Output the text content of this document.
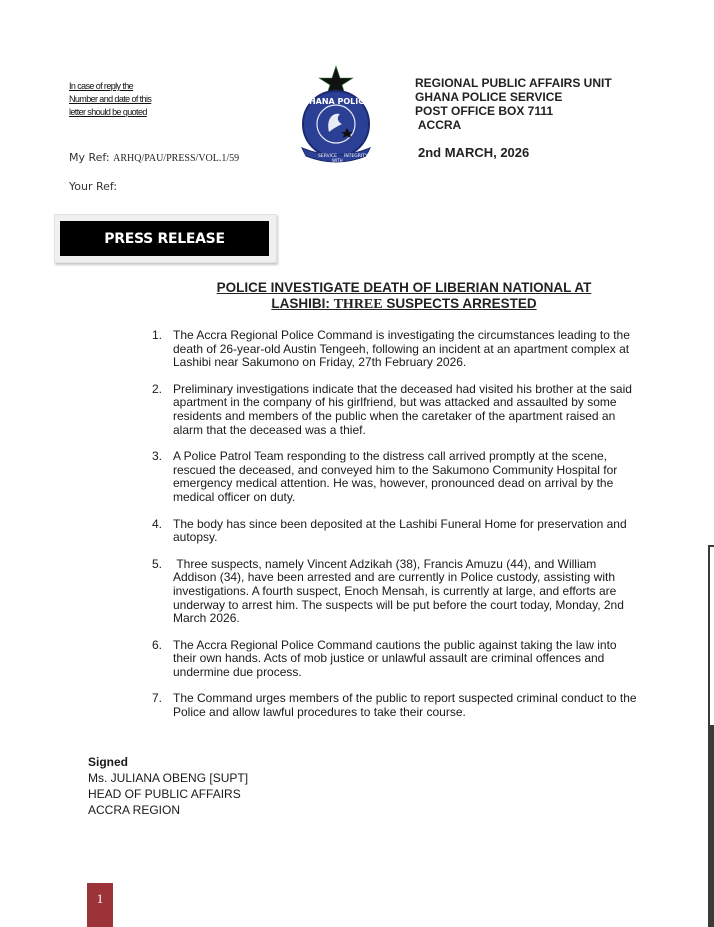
In case of reply the
Number and date of this
letter should be quoted
My Ref: ARHQ/PAU/PRESS/VOL.1/59
Your Ref:
GHANA POLICE
SERVICE
WITH
INTEGRITY
REGIONAL PUBLIC AFFAIRS UNIT
GHANA POLICE SERVICE
POST OFFICE BOX 7111
ACCRA
2nd MARCH, 2026
PRESS RELEASE
POLICE INVESTIGATE DEATH OF LIBERIAN NATIONAL AT
LASHIBI: THREE SUSPECTS ARRESTED
1. The Accra Regional Police Command is investigating the circumstances leading to the death of 26-year-old Austin Tengeeh, following an incident at an apartment complex at Lashibi near Sakumono on Friday, 27th February 2026.
2. Preliminary investigations indicate that the deceased had visited his brother at the said apartment in the company of his girlfriend, but was attacked and assaulted by some residents and members of the public when the caretaker of the apartment raised an alarm that the deceased was a thief.
3. A Police Patrol Team responding to the distress call arrived promptly at the scene, rescued the deceased, and conveyed him to the Sakumono Community Hospital for emergency medical attention. He was, however, pronounced dead on arrival by the medical officer on duty.
4. The body has since been deposited at the Lashibi Funeral Home for preservation and autopsy.
5. Three suspects, namely Vincent Adzikah (38), Francis Amuzu (44), and William Addison (34), have been arrested and are currently in Police custody, assisting with investigations. A fourth suspect, Enoch Mensah, is currently at large, and efforts are underway to arrest him. The suspects will be put before the court today, Monday, 2nd March 2026.
6. The Accra Regional Police Command cautions the public against taking the law into their own hands. Acts of mob justice or unlawful assault are criminal offences and undermine due process.
7. The Command urges members of the public to report suspected criminal conduct to the Police and allow lawful procedures to take their course.
Signed
Ms. JULIANA OBENG [SUPT]
HEAD OF PUBLIC AFFAIRS
ACCRA REGION
1
